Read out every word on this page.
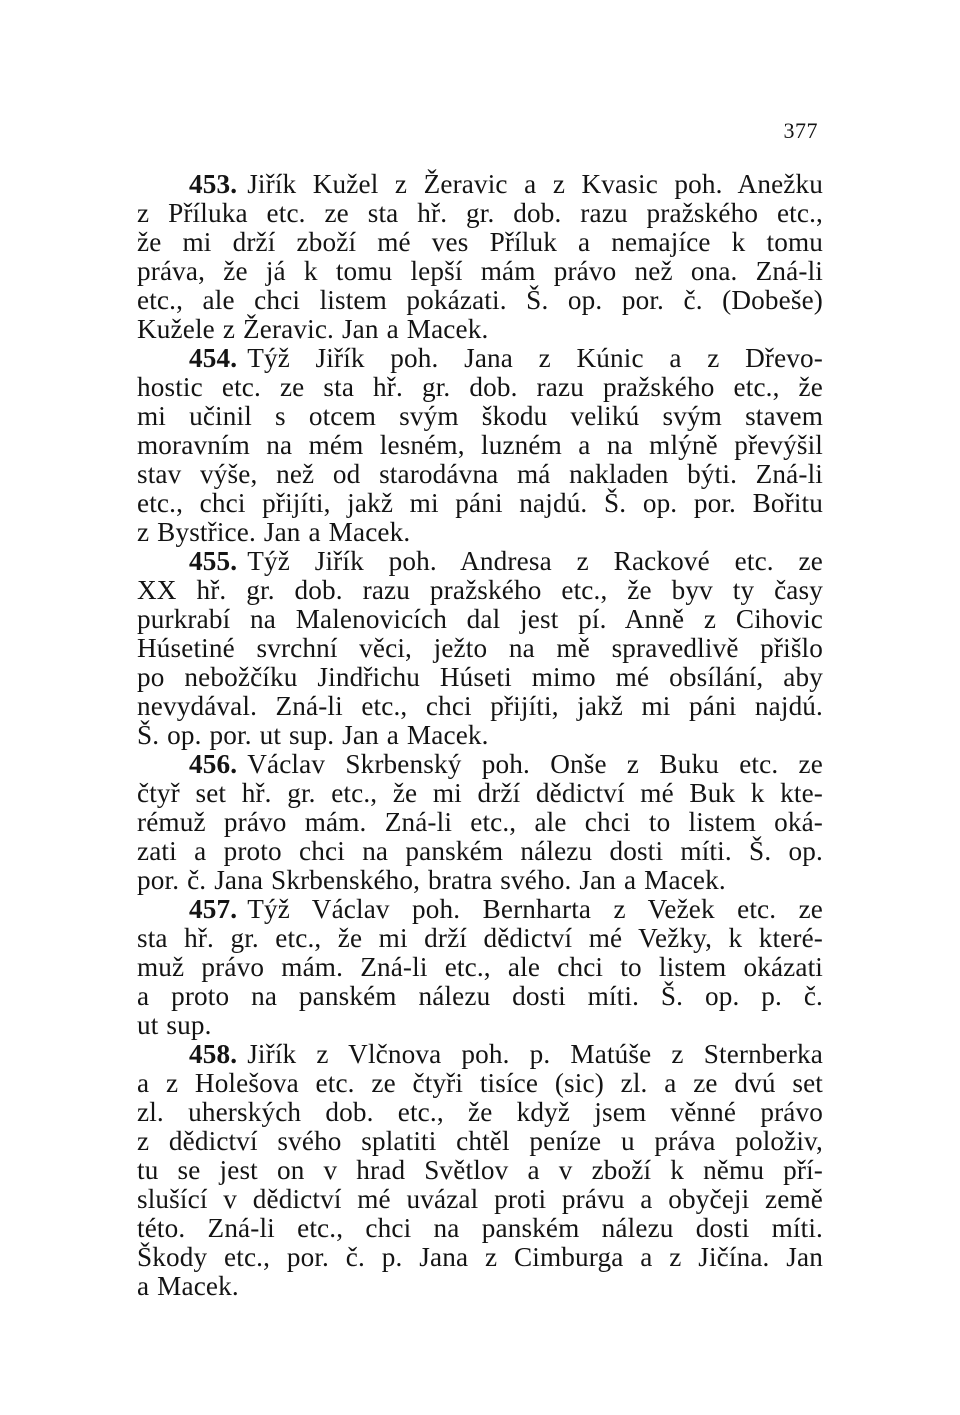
377
453. Jiřík Kužel z Žeravic a z Kvasic poh. Anežku
z Příluka etc. ze sta hř. gr. dob. razu pražského etc.,
že mi drží zboží mé ves Příluk a nemajíce k tomu
práva, že já k tomu lepší mám právo než ona. Zná-li
etc., ale chci listem pokázati. Š. op. por. č. (Dobeše)
Kužele z Žeravic. Jan a Macek.
454. Týž Jiřík poh. Jana z Kúnic a z Dřevo-
hostic etc. ze sta hř. gr. dob. razu pražského etc., že
mi učinil s otcem svým škodu velikú svým stavem
moravním na mém lesném, luzném a na mlýně převýšil
stav výše, než od starodávna má nakladen býti. Zná-li
etc., chci přijíti, jakž mi páni najdú. Š. op. por. Bořitu
z Bystřice. Jan a Macek.
455. Týž Jiřík poh. Andresa z Rackové etc. ze
XX hř. gr. dob. razu pražského etc., že byv ty časy
purkrabí na Malenovicích dal jest pí. Anně z Cihovic
Húsetiné svrchní věci, ježto na mě spravedlivě přišlo
po nebožčíku Jindřichu Húseti mimo mé obsílání, aby
nevydával. Zná-li etc., chci přijíti, jakž mi páni najdú.
Š. op. por. ut sup. Jan a Macek.
456. Václav Skrbenský poh. Onše z Buku etc. ze
čtyř set hř. gr. etc., že mi drží dědictví mé Buk k kte-
rémuž právo mám. Zná-li etc., ale chci to listem oká-
zati a proto chci na panském nálezu dosti míti. Š. op.
por. č. Jana Skrbenského, bratra svého. Jan a Macek.
457. Týž Václav poh. Bernharta z Vežek etc. ze
sta hř. gr. etc., že mi drží dědictví mé Vežky, k které-
muž právo mám. Zná-li etc., ale chci to listem okázati
a proto na panském nálezu dosti míti. Š. op. p. č.
ut sup.
458. Jiřík z Vlčnova poh. p. Matúše z Sternberka
a z Holešova etc. ze čtyři tisíce (sic) zl. a ze dvú set
zl. uherských dob. etc., že když jsem věnné právo
z dědictví svého splatiti chtěl peníze u práva položiv,
tu se jest on v hrad Světlov a v zboží k němu pří-
slušící v dědictví mé uvázal proti právu a obyčeji země
této. Zná-li etc., chci na panském nálezu dosti míti.
Škody etc., por. č. p. Jana z Cimburga a z Jičína. Jan
a Macek.
